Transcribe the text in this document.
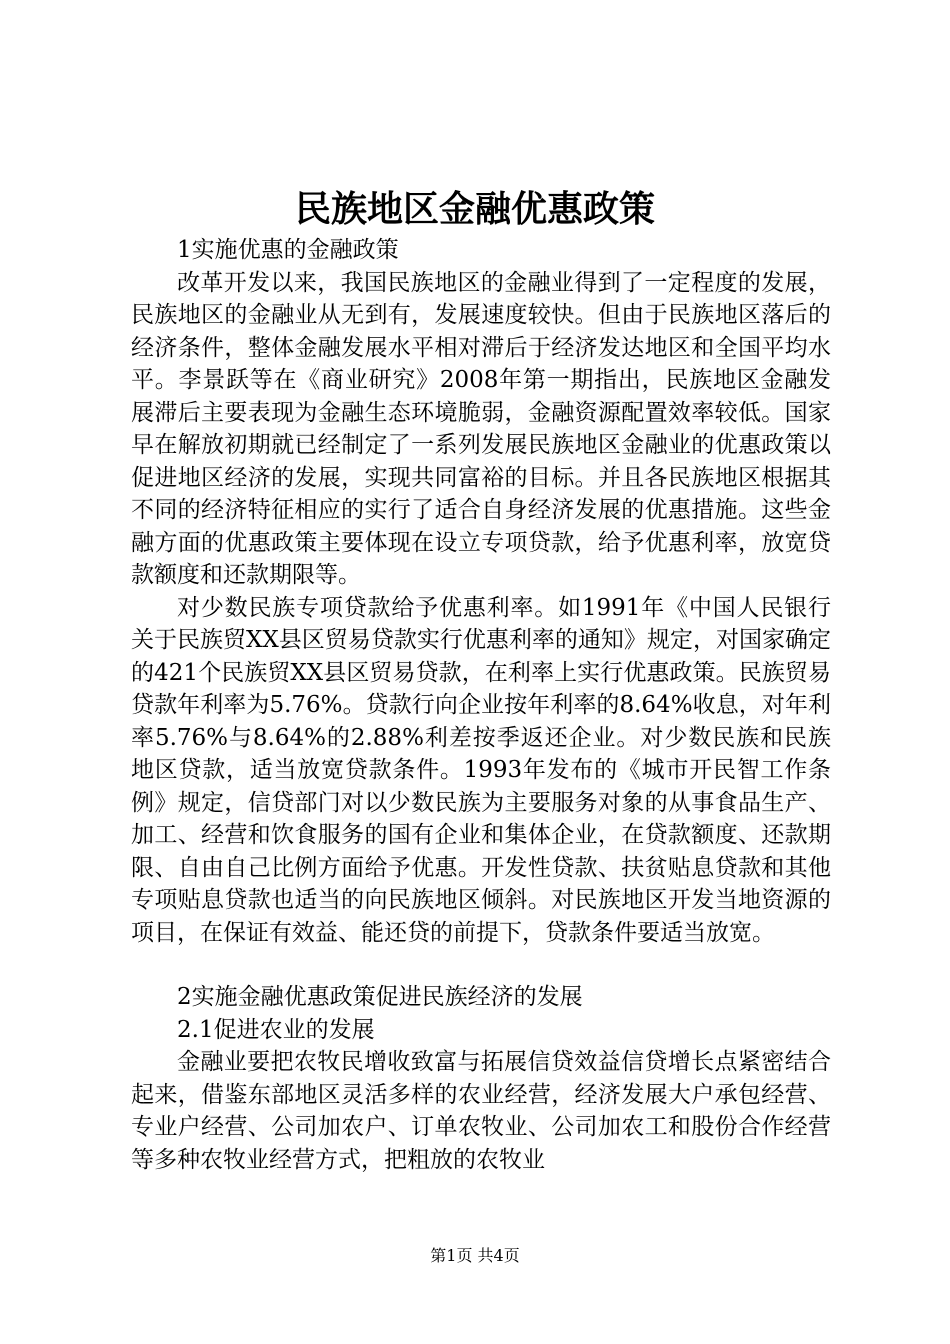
民族地区金融优惠政策

1实施优惠的金融政策

改革开发以来，我国民族地区的金融业得到了一定程度的发展，民族地区的金融业从无到有，发展速度较快。但由于民族地区落后的经济条件，整体金融发展水平相对滞后于经济发达地区和全国平均水平。李景跃等在《商业研究》2008年第一期指出，民族地区金融发展滞后主要表现为金融生态环境脆弱，金融资源配置效率较低。国家早在解放初期就已经制定了一系列发展民族地区金融业的优惠政策以促进地区经济的发展，实现共同富裕的目标。并且各民族地区根据其不同的经济特征相应的实行了适合自身经济发展的优惠措施。这些金融方面的优惠政策主要体现在设立专项贷款，给予优惠利率，放宽贷款额度和还款期限等。

对少数民族专项贷款给予优惠利率。如1991年《中国人民银行关于民族贸XX县区贸易贷款实行优惠利率的通知》规定，对国家确定的421个民族贸XX县区贸易贷款，在利率上实行优惠政策。民族贸易贷款年利率为5.76%。贷款行向企业按年利率的8.64%收息，对年利率5.76%与8.64%的2.88%利差按季返还企业。对少数民族和民族地区贷款，适当放宽贷款条件。1993年发布的《城市开民智工作条例》规定，信贷部门对以少数民族为主要服务对象的从事食品生产、加工、经营和饮食服务的国有企业和集体企业，在贷款额度、还款期限、自由自己比例方面给予优惠。开发性贷款、扶贫贴息贷款和其他专项贴息贷款也适当的向民族地区倾斜。对民族地区开发当地资源的项目，在保证有效益、能还贷的前提下，贷款条件要适当放宽。

2实施金融优惠政策促进民族经济的发展

2.1促进农业的发展

金融业要把农牧民增收致富与拓展信贷效益信贷增长点紧密结合起来，借鉴东部地区灵活多样的农业经营，经济发展大户承包经营、专业户经营、公司加农户、订单农牧业、公司加农工和股份合作经营等多种农牧业经营方式，把粗放的农牧业

第1页 共4页
